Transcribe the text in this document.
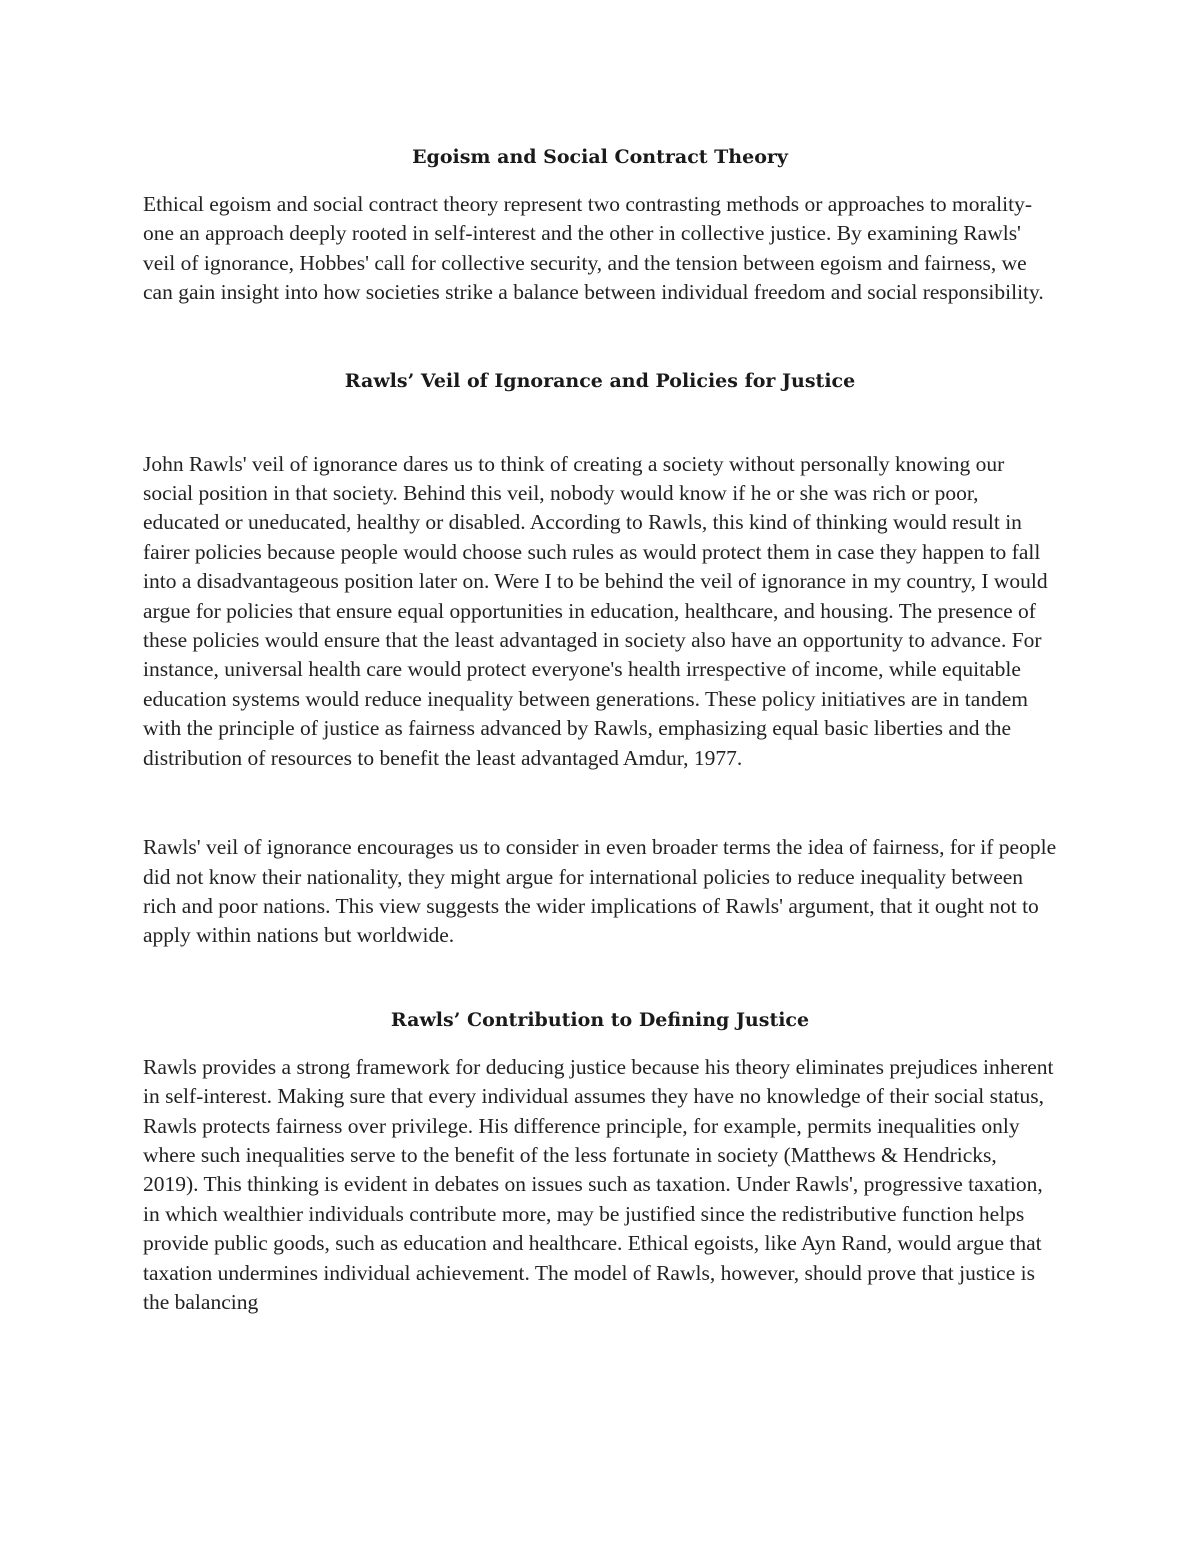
Egoism and Social Contract Theory

Ethical egoism and social contract theory represent two contrasting methods or approaches to morality-one an approach deeply rooted in self-interest and the other in collective justice. By examining Rawls' veil of ignorance, Hobbes' call for collective security, and the tension between egoism and fairness, we can gain insight into how societies strike a balance between individual freedom and social responsibility.

Rawls’ Veil of Ignorance and Policies for Justice

John Rawls' veil of ignorance dares us to think of creating a society without personally knowing our social position in that society. Behind this veil, nobody would know if he or she was rich or poor, educated or uneducated, healthy or disabled. According to Rawls, this kind of thinking would result in fairer policies because people would choose such rules as would protect them in case they happen to fall into a disadvantageous position later on. Were I to be behind the veil of ignorance in my country, I would argue for policies that ensure equal opportunities in education, healthcare, and housing. The presence of these policies would ensure that the least advantaged in society also have an opportunity to advance. For instance, universal health care would protect everyone's health irrespective of income, while equitable education systems would reduce inequality between generations. These policy initiatives are in tandem with the principle of justice as fairness advanced by Rawls, emphasizing equal basic liberties and the distribution of resources to benefit the least advantaged Amdur, 1977.

Rawls' veil of ignorance encourages us to consider in even broader terms the idea of fairness, for if people did not know their nationality, they might argue for international policies to reduce inequality between rich and poor nations. This view suggests the wider implications of Rawls' argument, that it ought not to apply within nations but worldwide.

Rawls’ Contribution to Defining Justice

Rawls provides a strong framework for deducing justice because his theory eliminates prejudices inherent in self-interest. Making sure that every individual assumes they have no knowledge of their social status, Rawls protects fairness over privilege. His difference principle, for example, permits inequalities only where such inequalities serve to the benefit of the less fortunate in society (Matthews & Hendricks, 2019). This thinking is evident in debates on issues such as taxation. Under Rawls', progressive taxation, in which wealthier individuals contribute more, may be justified since the redistributive function helps provide public goods, such as education and healthcare. Ethical egoists, like Ayn Rand, would argue that taxation undermines individual achievement. The model of Rawls, however, should prove that justice is the balancing
